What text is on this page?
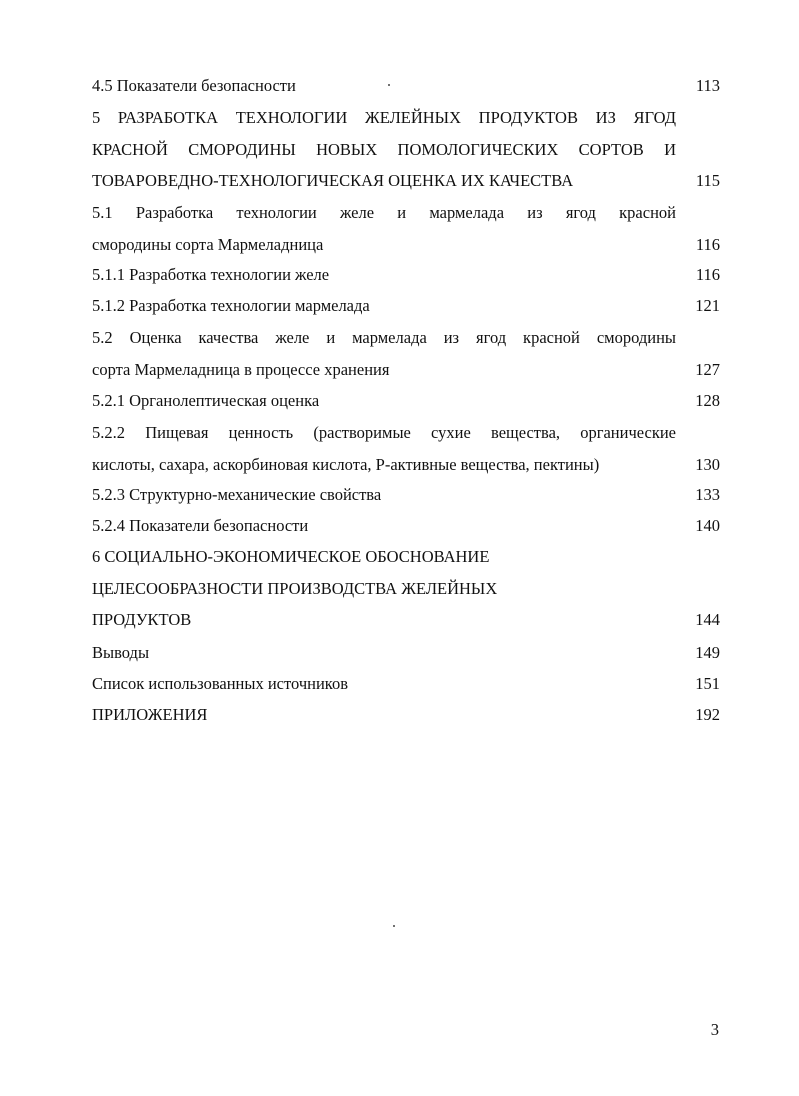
4.5 Показатели безопасности	113
5 РАЗРАБОТКА ТЕХНОЛОГИИ ЖЕЛЕЙНЫХ ПРОДУКТОВ ИЗ ЯГОД
КРАСНОЙ СМОРОДИНЫ НОВЫХ ПОМОЛОГИЧЕСКИХ СОРТОВ И
ТОВАРОВЕДНО-ТЕХНОЛОГИЧЕСКАЯ ОЦЕНКА ИХ КАЧЕСТВА	115
5.1 Разработка технологии желе и мармелада из ягод красной
смородины сорта Мармеладница	116
5.1.1 Разработка технологии желе	116
5.1.2 Разработка технологии мармелада	121
5.2 Оценка качества желе и мармелада из ягод красной смородины
сорта Мармеладница в процессе хранения	127
5.2.1 Органолептическая оценка	128
5.2.2 Пищевая ценность (растворимые сухие вещества, органические
кислоты, сахара, аскорбиновая кислота, Р-активные вещества, пектины)	130
5.2.3 Структурно-механические свойства	133
5.2.4 Показатели безопасности	140
6 СОЦИАЛЬНО-ЭКОНОМИЧЕСКОЕ ОБОСНОВАНИЕ
ЦЕЛЕСООБРАЗНОСТИ ПРОИЗВОДСТВА ЖЕЛЕЙНЫХ
ПРОДУКТОВ	144
Выводы	149
Список использованных источников	151
ПРИЛОЖЕНИЯ	192
3
